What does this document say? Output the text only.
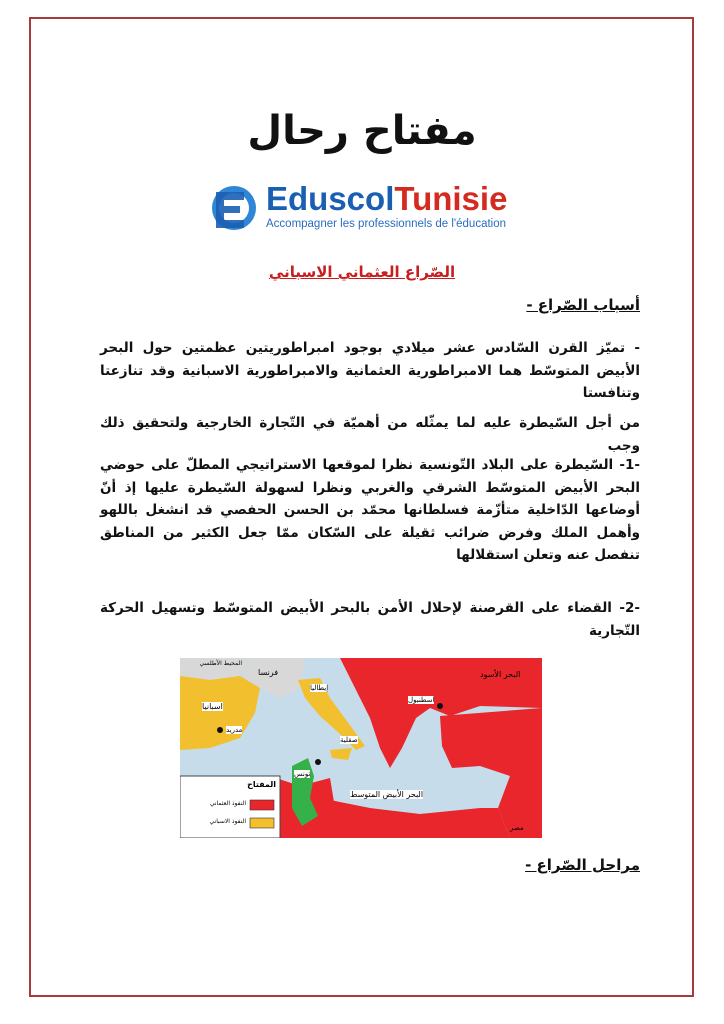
مفتاح رحال
EduscolTunisie
Accompagner les professionnels de l'éducation
الصّراع العثماني الاسباني
أسباب الصّراع -
- تميّز القرن السّادس عشر ميلادي بوجود امبراطوريتين عظمتين حول البحر الأبيض المتوسّط هما الامبراطورية العثمانية والامبراطورية الاسبانية وقد تنازعتا وتنافستا
من أجل السّيطرة عليه لما يمثّله من أهميّة في التّجارة الخارجية ولتحقيق ذلك وجب
-1- السّيطرة على البلاد التّونسية نظرا لموقعها الاستراتيجي المطلّ على حوضي البحر الأبيض المتوسّط الشرقي والغربي ونظرا لسهولة السّيطرة عليها إذ أنّ أوضاعها الدّاخلية متأزّمة فسلطانها محمّد بن الحسن الحفصي قد انشغل باللهو وأهمل الملك وفرض ضرائب ثقيلة على السّكان ممّا جعل الكثير من المناطق تنفصل عنه وتعلن استقلالها
-2- القضاء على القرصنة لإحلال الأمن بالبحر الأبيض المتوسّط وتسهيل الحركة التّجارية
المحيط الأطلسي
فرنسا
إيطاليا
البحر الأسود
اسبانيا
مدريد
اسطنبول
صقلية
تونس
البحر الأبيض المتوسط
مصر
المفتاح
النفوذ العثماني
النفوذ الاسباني
مراحل الصّراع -
